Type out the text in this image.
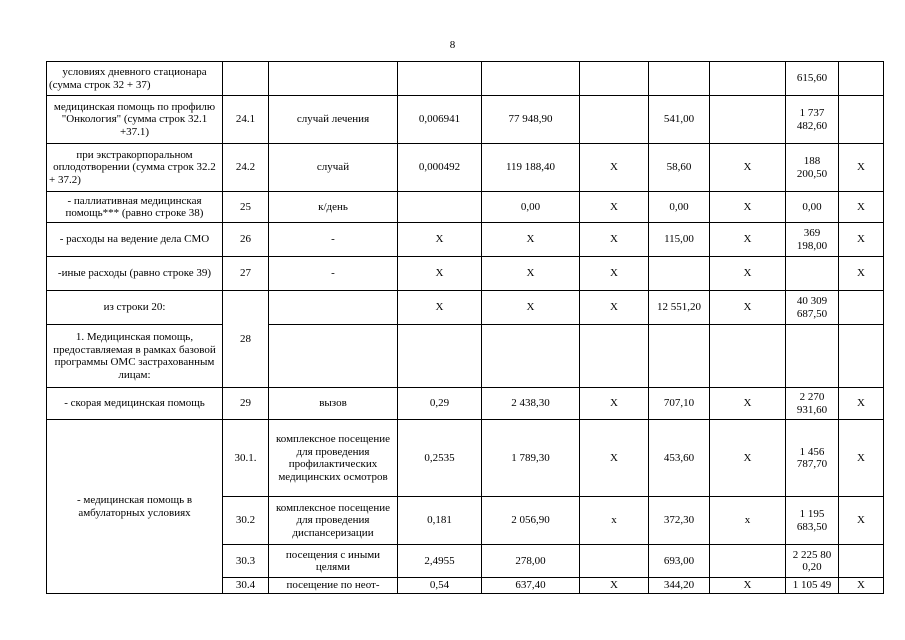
8
условиях дневного стационара (сумма строк 32 + 37)								615,60	
медицинская помощь по профилю "Онкология" (сумма строк 32.1 +37.1)	24.1	случай лечения	0,006941	77 948,90		541,00		1 737 482,60	
при экстракорпоральном оплодотворении (сумма строк 32.2 + 37.2)	24.2	случай	0,000492	119 188,40	X	58,60	X	188 200,50	X
- паллиативная медицинская помощь*** (равно строке 38)	25	к/день		0,00	X	0,00	X	0,00	X
- расходы на ведение дела СМО	26	-	X	X	X	115,00	X	369 198,00	X
-иные расходы (равно строке 39)	27	-	X	X	X		X		X
из строки 20:	28		X	X	X	12 551,20	X	40 309 687,50	
1. Медицинская помощь, предоставляемая в рамках базовой программы ОМС застрахованным лицам:									
- скорая медицинская помощь	29	вызов	0,29	2 438,30	X	707,10	X	2 270 931,60	X
- медицинская помощь в амбулаторных условиях	30.1.	комплексное посещение для проведения профилактических медицинских осмотров	0,2535	1 789,30	X	453,60	X	1 456 787,70	X
	30.2	комплексное посещение для проведения диспансеризации	0,181	2 056,90	x	372,30	x	1 195 683,50	X
	30.3	посещения с иными целями	2,4955	278,00		693,00		2 225 80 0,20	
	30.4	посещение по неот-	0,54	637,40	X	344,20	X	1 105 49	X
